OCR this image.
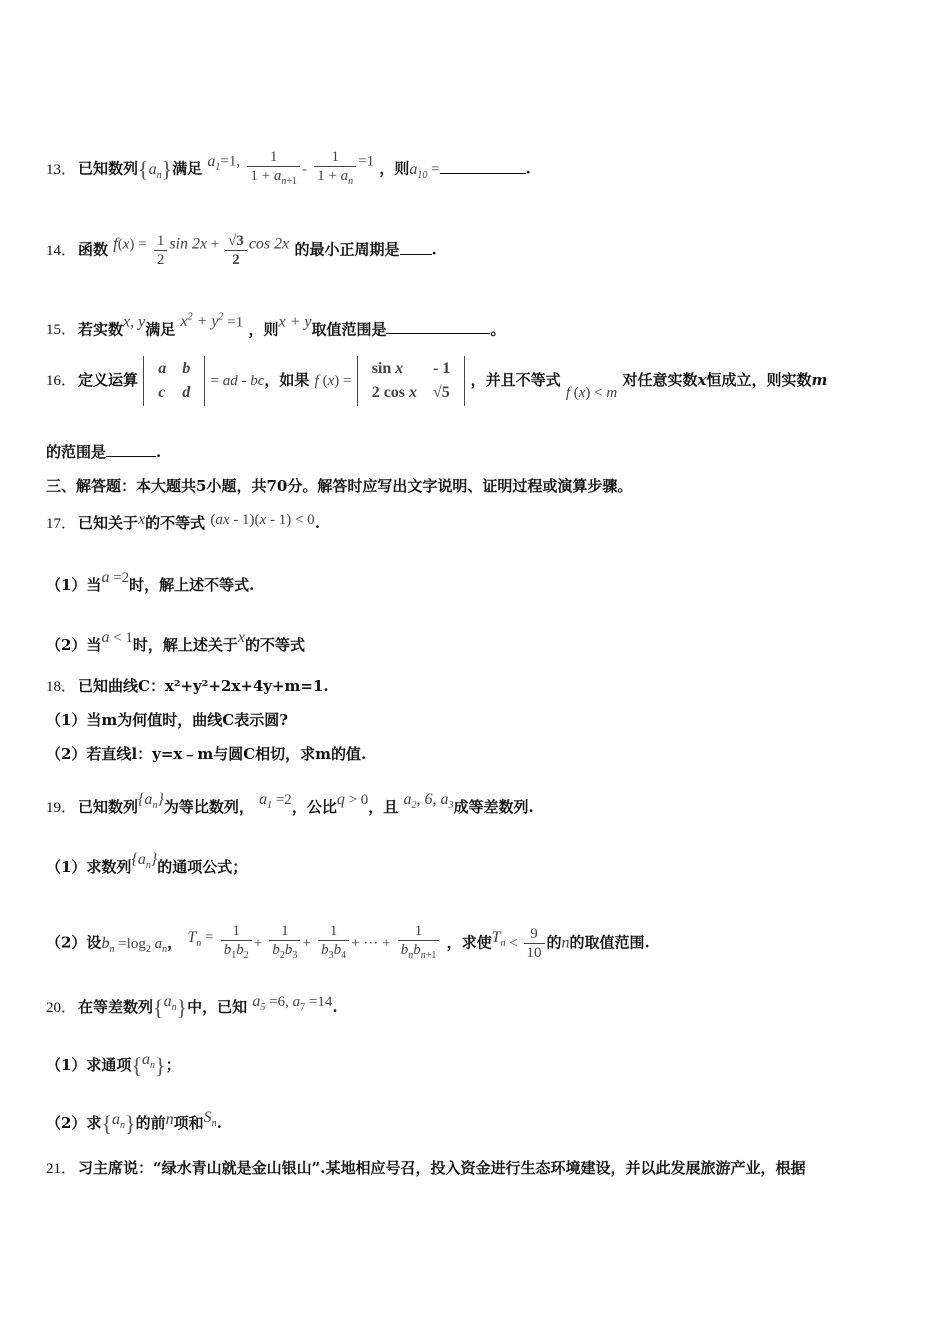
13． 已知数列$\{a_n\}$满足 $a_1=1$, $\frac{1}{1 + a_{n+1}} - \frac{1}{1 + a_n} =1$ ，则$a_{10}$ =	.
14． 函数 $f(x) = \frac{1}{2}$ $\sin 2x + \frac{√3}{2}$ cos 2x 的最小正周期是 .
15． 若实数x, y满足 $x^2 + y^2 =1$ ，则x + y取值范围是	。
16． 定义运算
a	b
c	d
= ad - bc，如果 f (x) =
sin x	- 1
2 cos x	√5
，并且不等式 f (x) < m 对任意实数x恒成立，则实数m
的范围是	.
三、解答题：本大题共5小题，共70分。解答时应写出文字说明、证明过程或演算步骤。
17． 已知关于x的不等式 (ax - 1)(x - 1) < 0.
（1）当a =2时，解上述不等式.
（2）当a < 1时，解上述关于x的不等式
18． 已知曲线C：x²+y²+2x+4y+m=1.
（1）当m为何值时，曲线C表示圆?
（2）若直线l：y=x﹣m与圆C相切，求m的值.
19． 已知数列$\{a_n\}$为等比数列， $a_1 =2$，公比q > 0，且 $a_2$, 6, $a_3$成等差数列.
（1）求数列$\{a_n\}$的通项公式；
（2）设$b_n =\log_2$ $a_n$， $T_n = \frac{1}{b_1b_2} + \frac{1}{b_2b_3} + \frac{1}{b_3b_4}$ + ··· + $\frac{1}{b_nb_{n+1}}$ ，求使$T_n < \frac{9}{10}$ 的n的取值范围.
20． 在等差数列$\{a_n\}$中，已知 $a_5 =6$, $a_7 =14$.
（1）求通项$\{a_n\}$；
（2）求$\{a_n\}$的前n项和$S_n$.
21． 习主席说：“绿水青山就是金山银山”.某地相应号召，投入资金进行生态环境建设，并以此发展旅游产业，根据
